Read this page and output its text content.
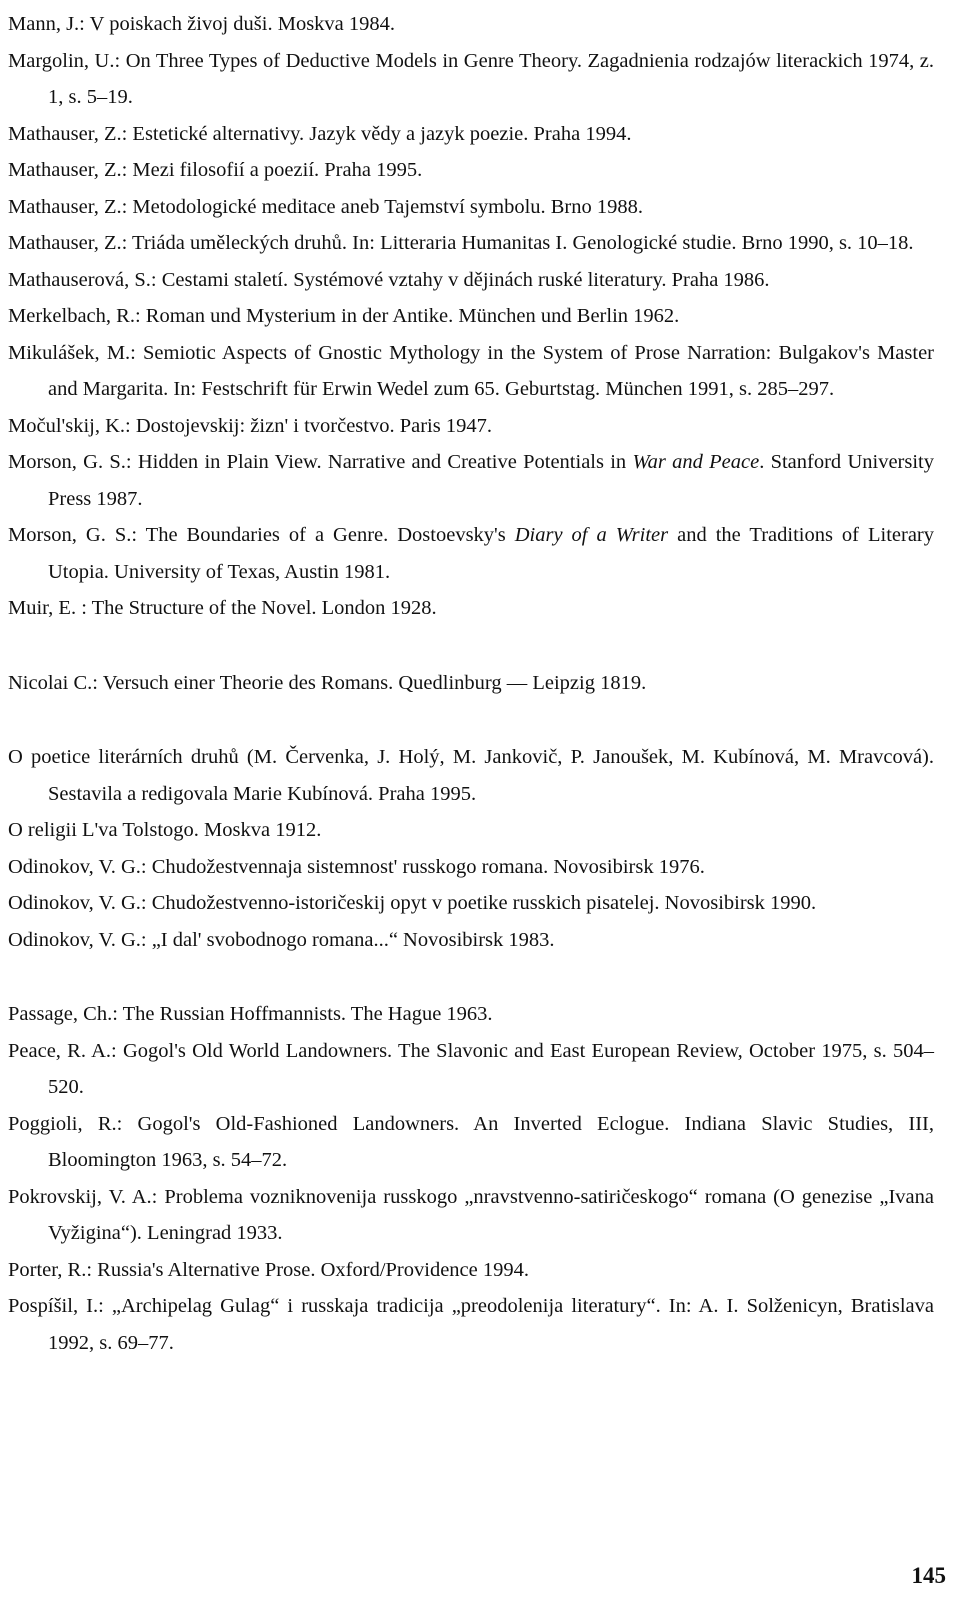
Mann, J.: V poiskach živoj duši. Moskva 1984.

Margolin, U.: On Three Types of Deductive Models in Genre Theory. Zagadnienia rodzajów literackich 1974, z. 1, s. 5–19.

Mathauser, Z.: Estetické alternativy. Jazyk vědy a jazyk poezie. Praha 1994.

Mathauser, Z.: Mezi filosofií a poezií. Praha 1995.

Mathauser, Z.: Metodologické meditace aneb Tajemství symbolu. Brno 1988.

Mathauser, Z.: Triáda uměleckých druhů. In: Litteraria Humanitas I. Genologické studie. Brno 1990, s. 10–18.

Mathauserová, S.: Cestami staletí. Systémové vztahy v dějinách ruské literatury. Praha 1986.

Merkelbach, R.: Roman und Mysterium in der Antike. München und Berlin 1962.

Mikulášek, M.: Semiotic Aspects of Gnostic Mythology in the System of Prose Narration: Bulgakov's Master and Margarita. In: Festschrift für Erwin Wedel zum 65. Geburtstag. München 1991, s. 285–297.

Močul'skij, K.: Dostojevskij: žizn' i tvorčestvo. Paris 1947.

Morson, G. S.: Hidden in Plain View. Narrative and Creative Potentials in War and Peace. Stanford University Press 1987.

Morson, G. S.: The Boundaries of a Genre. Dostoevsky's Diary of a Writer and the Traditions of Literary Utopia. University of Texas, Austin 1981.

Muir, E. : The Structure of the Novel. London 1928.

Nicolai C.: Versuch einer Theorie des Romans. Quedlinburg — Leipzig 1819.

O poetice literárních druhů (M. Červenka, J. Holý, M. Jankovič, P. Janoušek, M. Kubínová, M. Mravcová). Sestavila a redigovala Marie Kubínová. Praha 1995.

O religii L'va Tolstogo. Moskva 1912.

Odinokov, V. G.: Chudožestvennaja sistemnost' russkogo romana. Novosibirsk 1976.

Odinokov, V. G.: Chudožestvenno-istoričeskij opyt v poetike russkich pisatelej. Novosibirsk 1990.

Odinokov, V. G.: „I dal' svobodnogo romana...“ Novosibirsk 1983.

Passage, Ch.: The Russian Hoffmannists. The Hague 1963.

Peace, R. A.: Gogol's Old World Landowners. The Slavonic and East European Review, October 1975, s. 504–520.

Poggioli, R.: Gogol's Old-Fashioned Landowners. An Inverted Eclogue. Indiana Slavic Studies, III, Bloomington 1963, s. 54–72.

Pokrovskij, V. A.: Problema vozniknovenija russkogo „nravstvenno-satiričeskogo“ romana (O genezise „Ivana Vyžigina“). Leningrad 1933.

Porter, R.: Russia's Alternative Prose. Oxford/Providence 1994.

Pospíšil, I.: „Archipelag Gulag“ i russkaja tradicija „preodolenija literatury“. In: A. I. Solženicyn, Bratislava 1992, s. 69–77.

145
